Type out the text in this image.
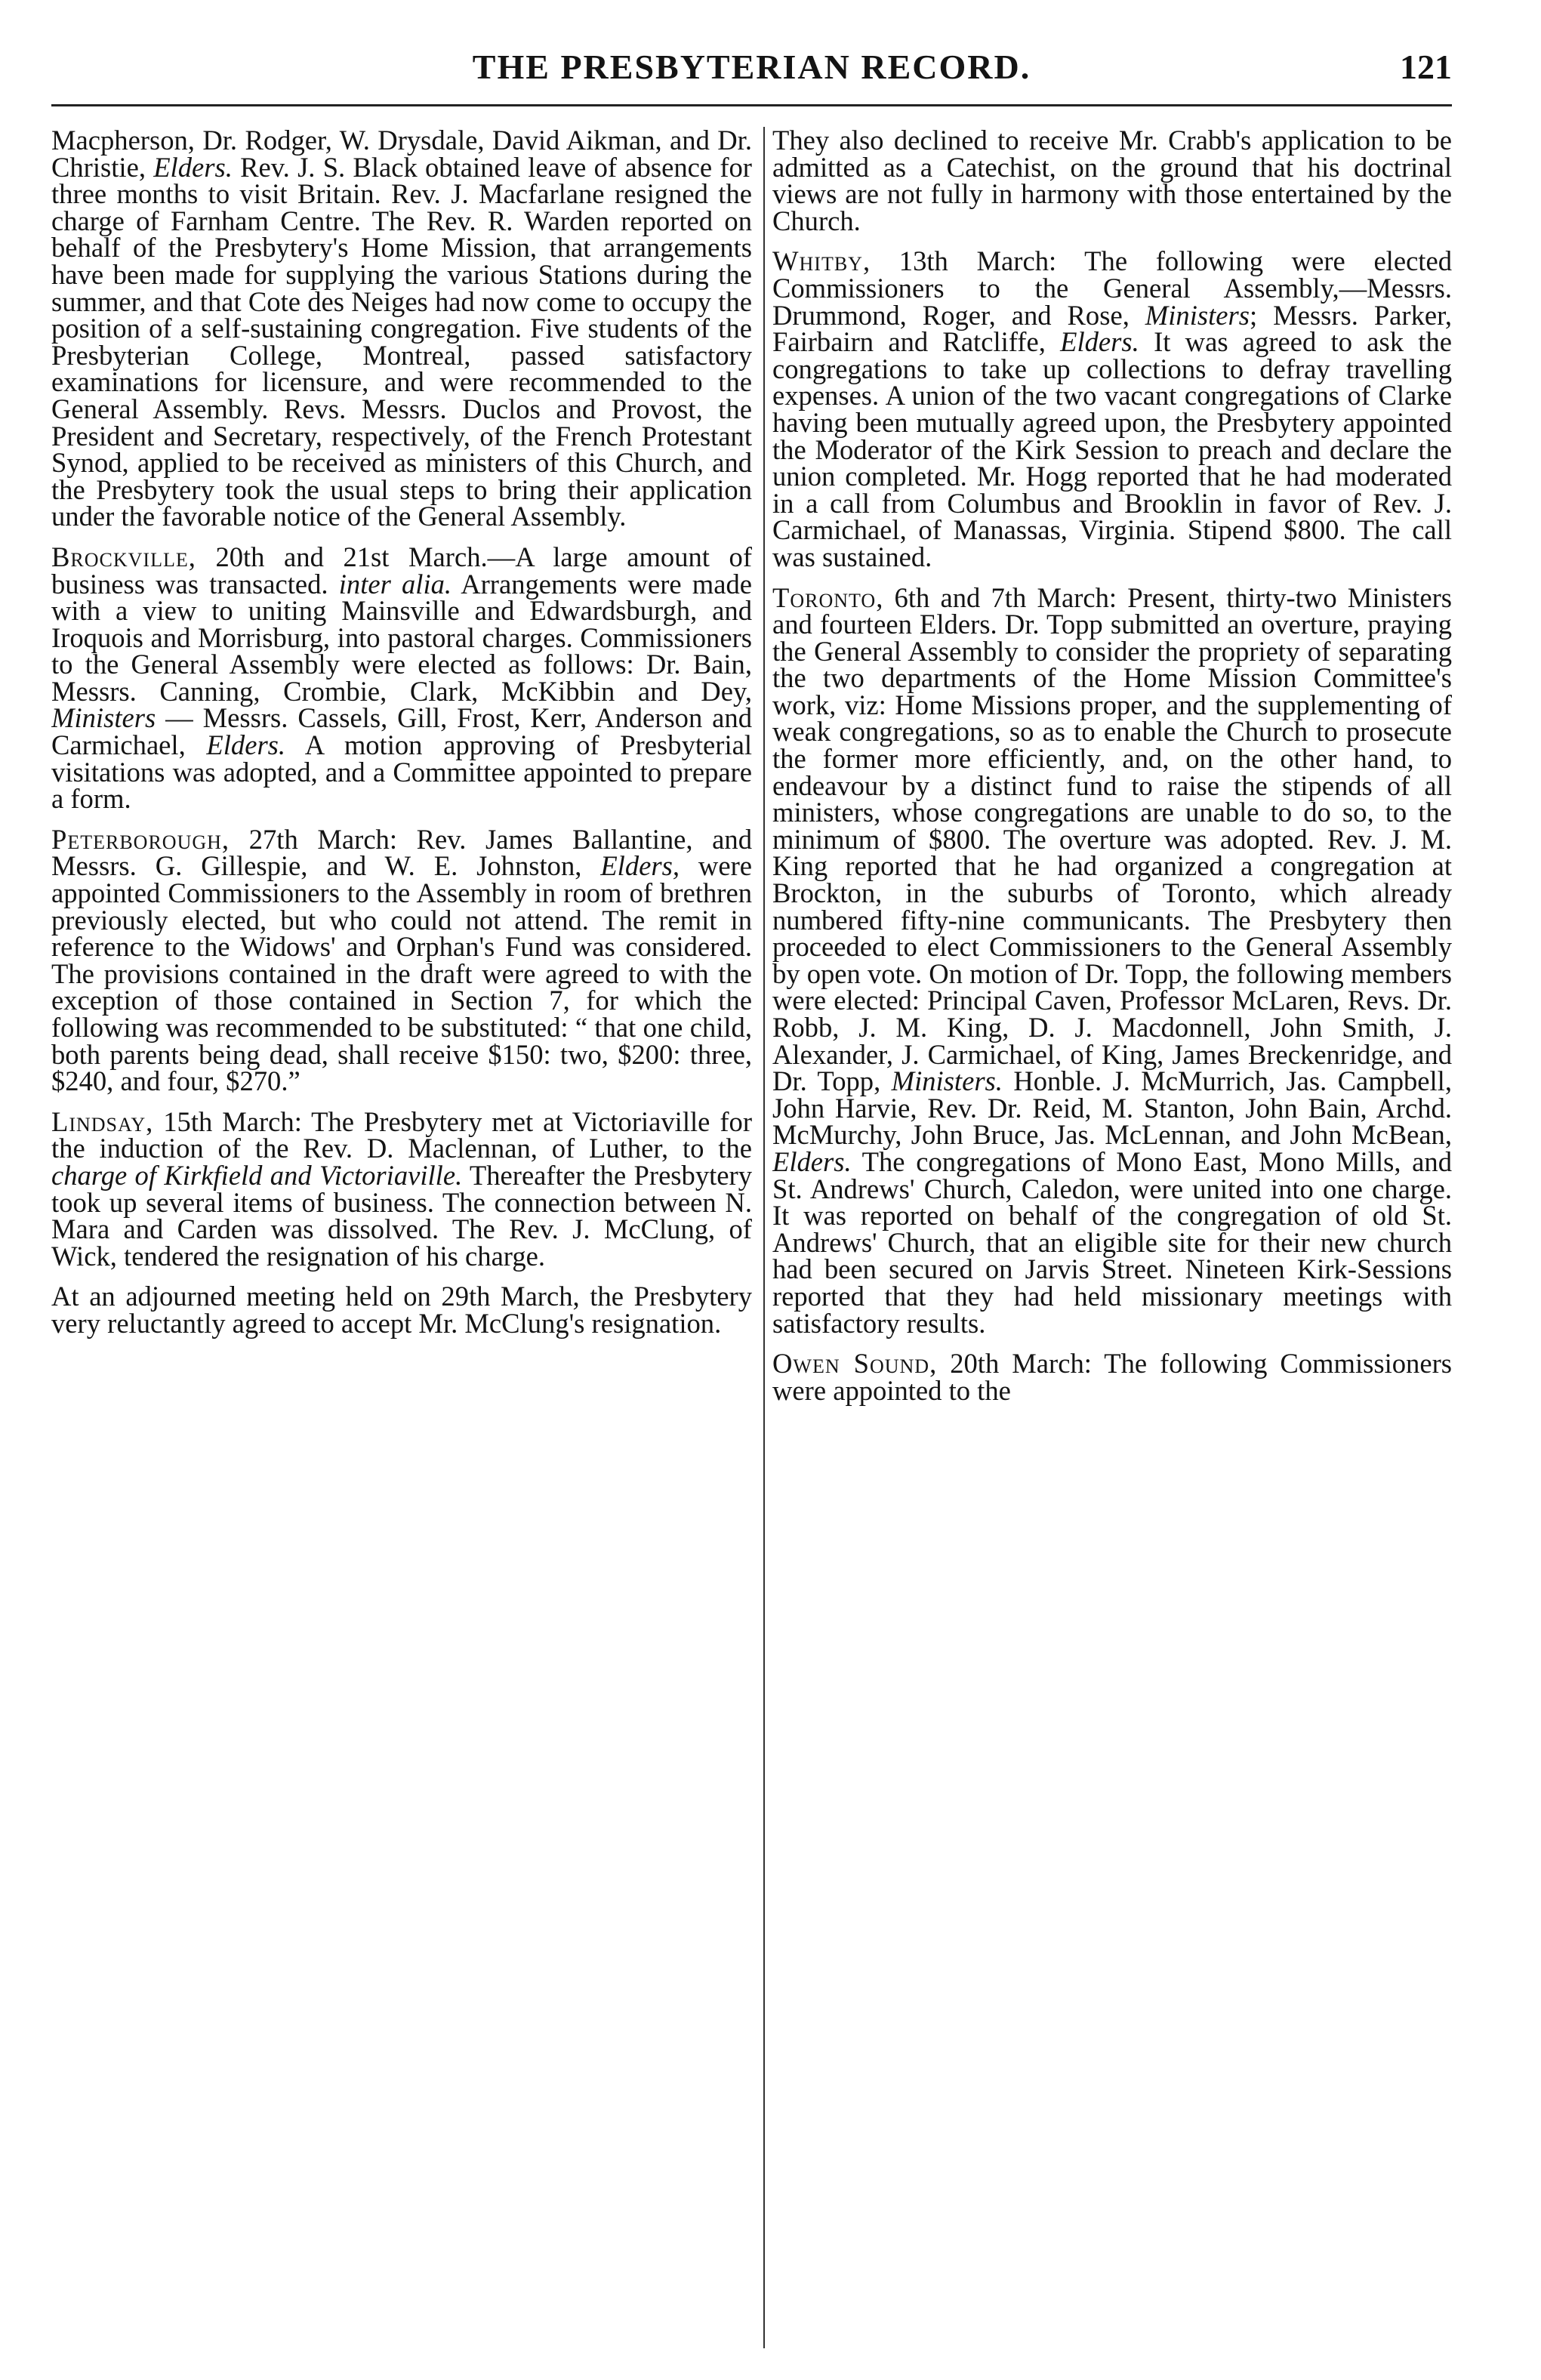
THE PRESBYTERIAN RECORD.	121

Macpherson, Dr. Rodger, W. Drysdale, David Aikman, and Dr. Christie, Elders. Rev. J. S. Black obtained leave of absence for three months to visit Britain. Rev. J. Macfarlane resigned the charge of Farnham Centre. The Rev. R. Warden reported on behalf of the Presbytery's Home Mission, that arrangements have been made for supplying the various Stations during the summer, and that Cote des Neiges had now come to occupy the position of a self-sustaining congregation. Five students of the Presbyterian College, Montreal, passed satisfactory examinations for licensure, and were recommended to the General Assembly. Revs. Messrs. Duclos and Provost, the President and Secretary, respectively, of the French Protestant Synod, applied to be received as ministers of this Church, and the Presbytery took the usual steps to bring their application under the favorable notice of the General Assembly.

Brockville, 20th and 21st March.—A large amount of business was transacted. inter alia. Arrangements were made with a view to uniting Mainsville and Edwardsburgh, and Iroquois and Morrisburg, into pastoral charges. Commissioners to the General Assembly were elected as follows: Dr. Bain, Messrs. Canning, Crombie, Clark, McKibbin and Dey, Ministers — Messrs. Cassels, Gill, Frost, Kerr, Anderson and Carmichael, Elders. A motion approving of Presbyterial visitations was adopted, and a Committee appointed to prepare a form.

Peterborough, 27th March: Rev. James Ballantine, and Messrs. G. Gillespie, and W. E. Johnston, Elders, were appointed Commissioners to the Assembly in room of brethren previously elected, but who could not attend. The remit in reference to the Widows' and Orphan's Fund was considered. The provisions contained in the draft were agreed to with the exception of those contained in Section 7, for which the following was recommended to be substituted: “ that one child, both parents being dead, shall receive $150: two, $200: three, $240, and four, $270.”

Lindsay, 15th March: The Presbytery met at Victoriaville for the induction of the Rev. D. Maclennan, of Luther, to the charge of Kirkfield and Victoriaville. Thereafter the Presbytery took up several items of business. The connection between N. Mara and Carden was dissolved. The Rev. J. McClung, of Wick, tendered the resignation of his charge.

At an adjourned meeting held on 29th March, the Presbytery very reluctantly agreed to accept Mr. McClung's resignation.

They also declined to receive Mr. Crabb's application to be admitted as a Catechist, on the ground that his doctrinal views are not fully in harmony with those entertained by the Church.

Whitby, 13th March: The following were elected Commissioners to the General Assembly,—Messrs. Drummond, Roger, and Rose, Ministers; Messrs. Parker, Fairbairn and Ratcliffe, Elders. It was agreed to ask the congregations to take up collections to defray travelling expenses. A union of the two vacant congregations of Clarke having been mutually agreed upon, the Presbytery appointed the Moderator of the Kirk Session to preach and declare the union completed. Mr. Hogg reported that he had moderated in a call from Columbus and Brooklin in favor of Rev. J. Carmichael, of Manassas, Virginia. Stipend $800. The call was sustained.

Toronto, 6th and 7th March: Present, thirty-two Ministers and fourteen Elders. Dr. Topp submitted an overture, praying the General Assembly to consider the propriety of separating the two departments of the Home Mission Committee's work, viz: Home Missions proper, and the supplementing of weak congregations, so as to enable the Church to prosecute the former more efficiently, and, on the other hand, to endeavour by a distinct fund to raise the stipends of all ministers, whose congregations are unable to do so, to the minimum of $800. The overture was adopted. Rev. J. M. King reported that he had organized a congregation at Brockton, in the suburbs of Toronto, which already numbered fifty-nine communicants. The Presbytery then proceeded to elect Commissioners to the General Assembly by open vote. On motion of Dr. Topp, the following members were elected: Principal Caven, Professor McLaren, Revs. Dr. Robb, J. M. King, D. J. Macdonnell, John Smith, J. Alexander, J. Carmichael, of King, James Breckenridge, and Dr. Topp, Ministers. Honble. J. McMurrich, Jas. Campbell, John Harvie, Rev. Dr. Reid, M. Stanton, John Bain, Archd. McMurchy, John Bruce, Jas. McLennan, and John McBean, Elders. The congregations of Mono East, Mono Mills, and St. Andrews' Church, Caledon, were united into one charge. It was reported on behalf of the congregation of old St. Andrews' Church, that an eligible site for their new church had been secured on Jarvis Street. Nineteen Kirk-Sessions reported that they had held missionary meetings with satisfactory results.

Owen Sound, 20th March: The following Commissioners were appointed to the
